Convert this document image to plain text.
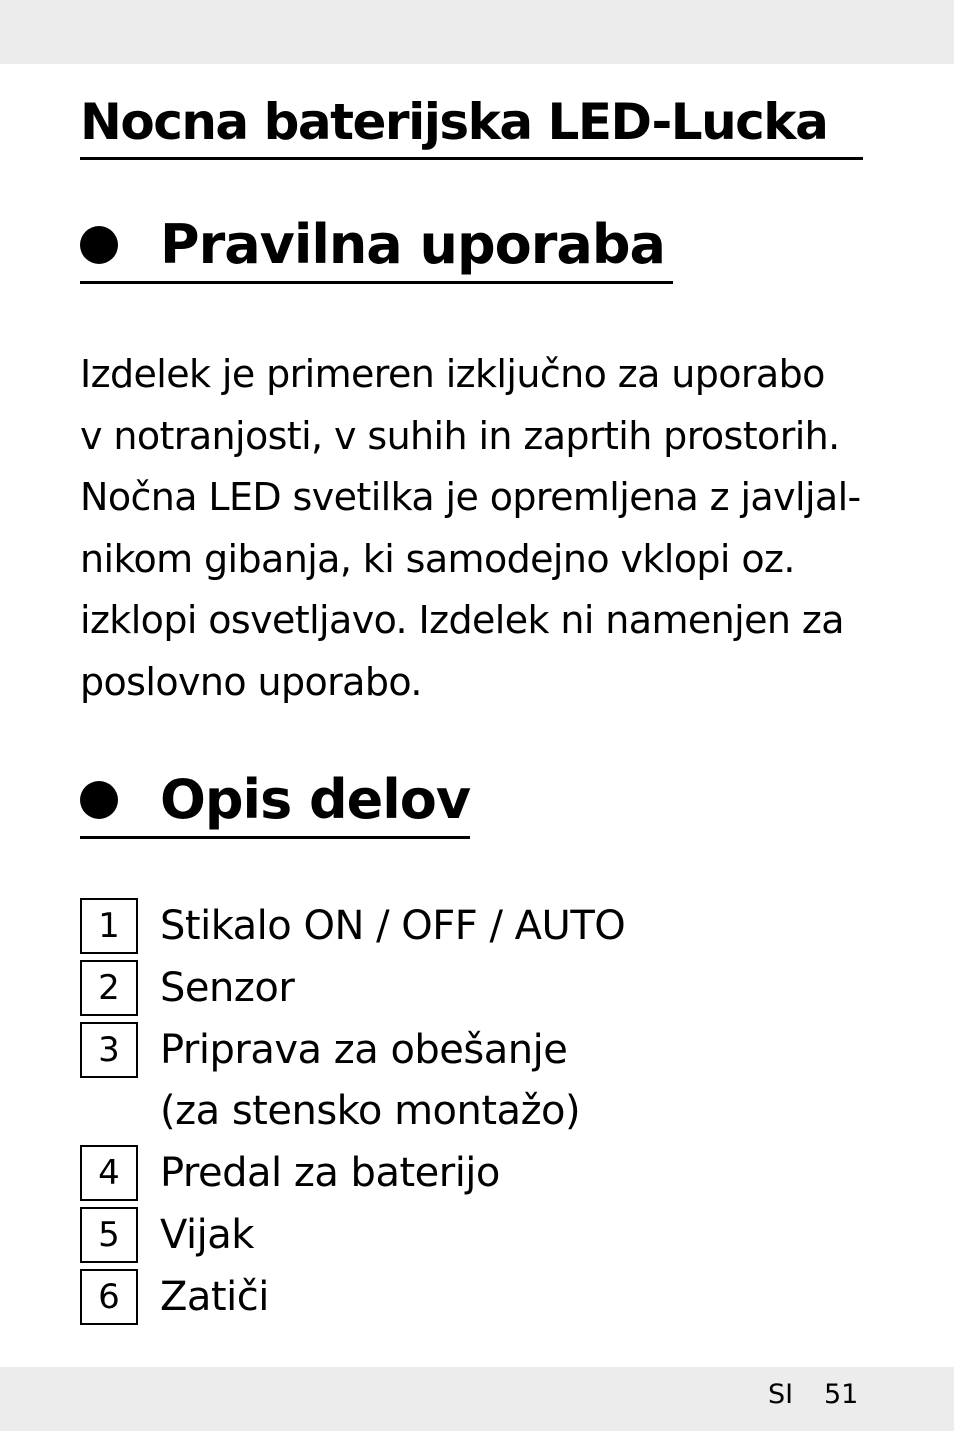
Nocna baterijska LED-Lucka
Pravilna uporaba

Izdelek je primeren izključno za uporabo
v notranjosti, v suhih in zaprtih prostorih.
Nočna LED svetilka je opremljena z javljal-
nikom gibanja, ki samodejno vklopi oz.
izklopi osvetljavo. Izdelek ni namenjen za
poslovno uporabo.

Opis delov
1	Stikalo ON / OFF / AUTO
2	Senzor
3	Priprava za obešanje
(za stensko montažo)
4	Predal za baterijo
5	Vijak
6	Zatiči
SI 51
